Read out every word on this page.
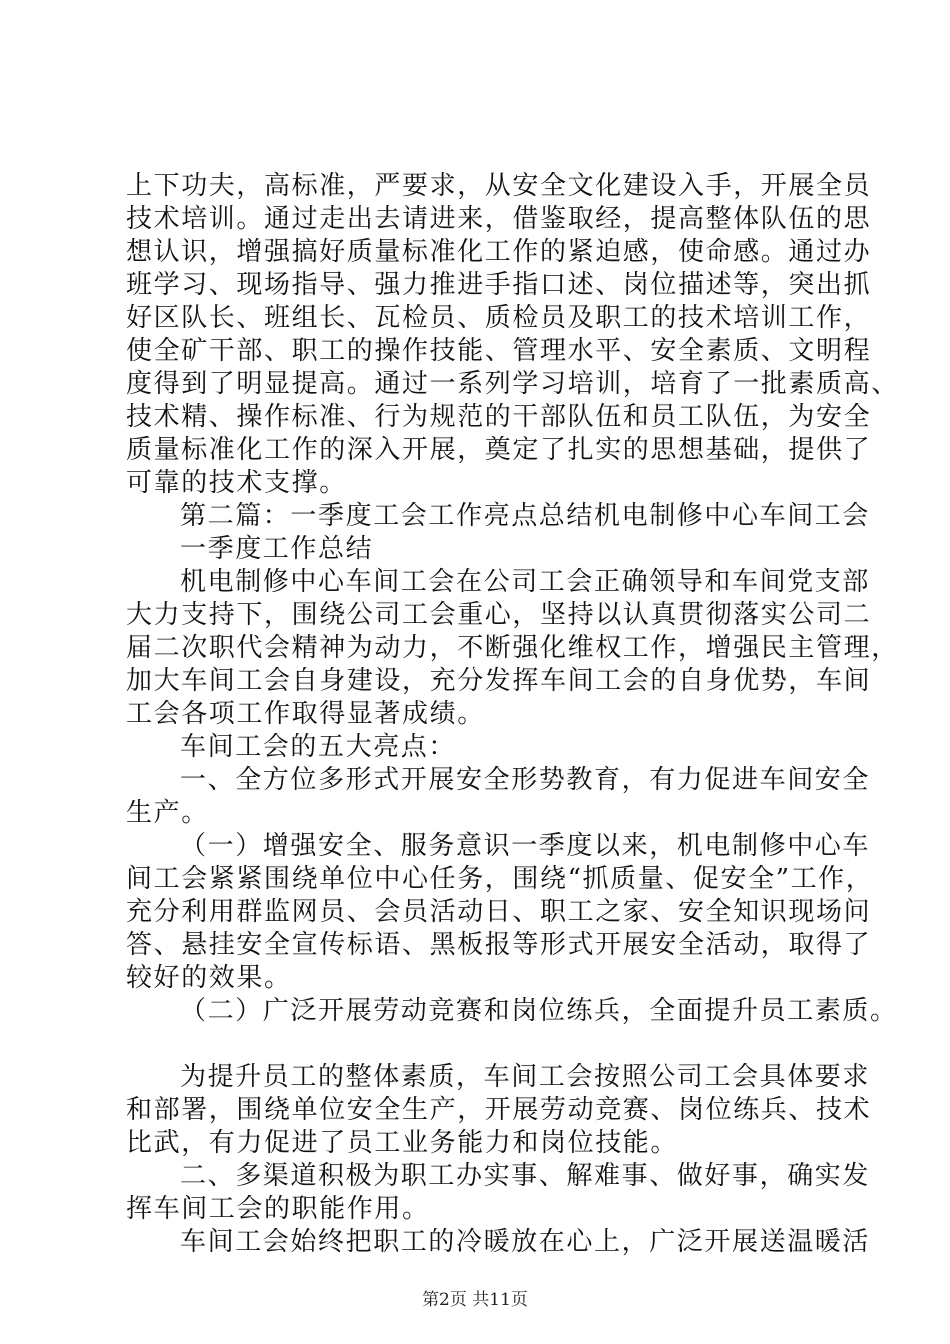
上下功夫，高标准，严要求，从安全文化建设入手，开展全员
技术培训。通过走出去请进来，借鉴取经，提高整体队伍的思
想认识，增强搞好质量标准化工作的紧迫感，使命感。通过办
班学习、现场指导、强力推进手指口述、岗位描述等，突出抓
好区队长、班组长、瓦检员、质检员及职工的技术培训工作，
使全矿干部、职工的操作技能、管理水平、安全素质、文明程
度得到了明显提高。通过一系列学习培训，培育了一批素质高、
技术精、操作标准、行为规范的干部队伍和员工队伍，为安全
质量标准化工作的深入开展，奠定了扎实的思想基础，提供了
可靠的技术支撑。
第二篇：一季度工会工作亮点总结机电制修中心车间工会
一季度工作总结
机电制修中心车间工会在公司工会正确领导和车间党支部
大力支持下，围绕公司工会重心，坚持以认真贯彻落实公司二
届二次职代会精神为动力，不断强化维权工作，增强民主管理，
加大车间工会自身建设，充分发挥车间工会的自身优势，车间
工会各项工作取得显著成绩。
车间工会的五大亮点：
一、全方位多形式开展安全形势教育，有力促进车间安全
生产。
（一）增强安全、服务意识一季度以来，机电制修中心车
间工会紧紧围绕单位中心任务，围绕“抓质量、促安全”工作，
充分利用群监网员、会员活动日、职工之家、安全知识现场问
答、悬挂安全宣传标语、黑板报等形式开展安全活动，取得了
较好的效果。
（二）广泛开展劳动竞赛和岗位练兵，全面提升员工素质。
为提升员工的整体素质，车间工会按照公司工会具体要求
和部署，围绕单位安全生产，开展劳动竞赛、岗位练兵、技术
比武，有力促进了员工业务能力和岗位技能。
二、多渠道积极为职工办实事、解难事、做好事，确实发
挥车间工会的职能作用。
车间工会始终把职工的冷暖放在心上，广泛开展送温暖活
第2页 共11页
